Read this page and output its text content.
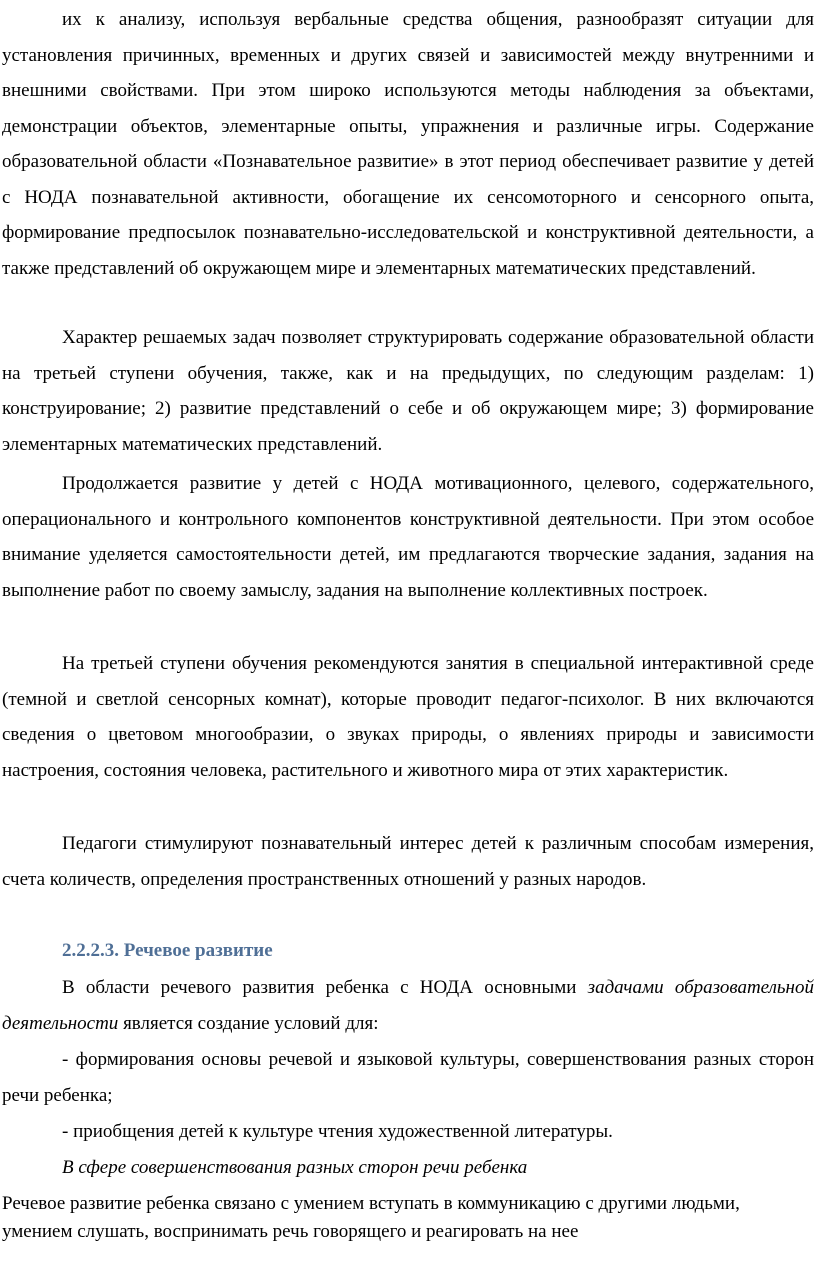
их к анализу, используя вербальные средства общения, разнообразят ситуации для установления причинных, временных и других связей и зависимостей между внутренними и внешними свойствами. При этом широко используются методы наблюдения за объектами, демонстрации объектов, элементарные опыты, упражнения и различные игры. Содержание образовательной области «Познавательное развитие» в этот период обеспечивает развитие у детей с НОДА познавательной активности, обогащение их сенсомоторного и сенсорного опыта, формирование предпосылок познавательно-исследовательской и конструктивной деятельности, а также представлений об окружающем мире и элементарных математических представлений.

Характер решаемых задач позволяет структурировать содержание образовательной области на третьей ступени обучения, также, как и на предыдущих, по следующим разделам: 1) конструирование; 2) развитие представлений о себе и об окружающем мире; 3) формирование элементарных математических представлений.

Продолжается развитие у детей с НОДА мотивационного, целевого, содержательного, операционального и контрольного компонентов конструктивной деятельности. При этом особое внимание уделяется самостоятельности детей, им предлагаются творческие задания, задания на выполнение работ по своему замыслу, задания на выполнение коллективных построек.

На третьей ступени обучения рекомендуются занятия в специальной интерактивной среде (темной и светлой сенсорных комнат), которые проводит педагог-психолог. В них включаются сведения о цветовом многообразии, о звуках природы, о явлениях природы и зависимости настроения, состояния человека, растительного и животного мира от этих характеристик.

Педагоги стимулируют познавательный интерес детей к различным способам измерения, счета количеств, определения пространственных отношений у разных народов.

2.2.2.3. Речевое развитие

В области речевого развития ребенка с НОДА основными задачами образовательной деятельности является создание условий для:

- формирования основы речевой и языковой культуры, совершенствования разных сторон речи ребенка;

- приобщения детей к культуре чтения художественной литературы.

В сфере совершенствования разных сторон речи ребенка

Речевое развитие ребенка связано с умением вступать в коммуникацию с другими людьми, умением слушать, воспринимать речь говорящего и реагировать на нее
